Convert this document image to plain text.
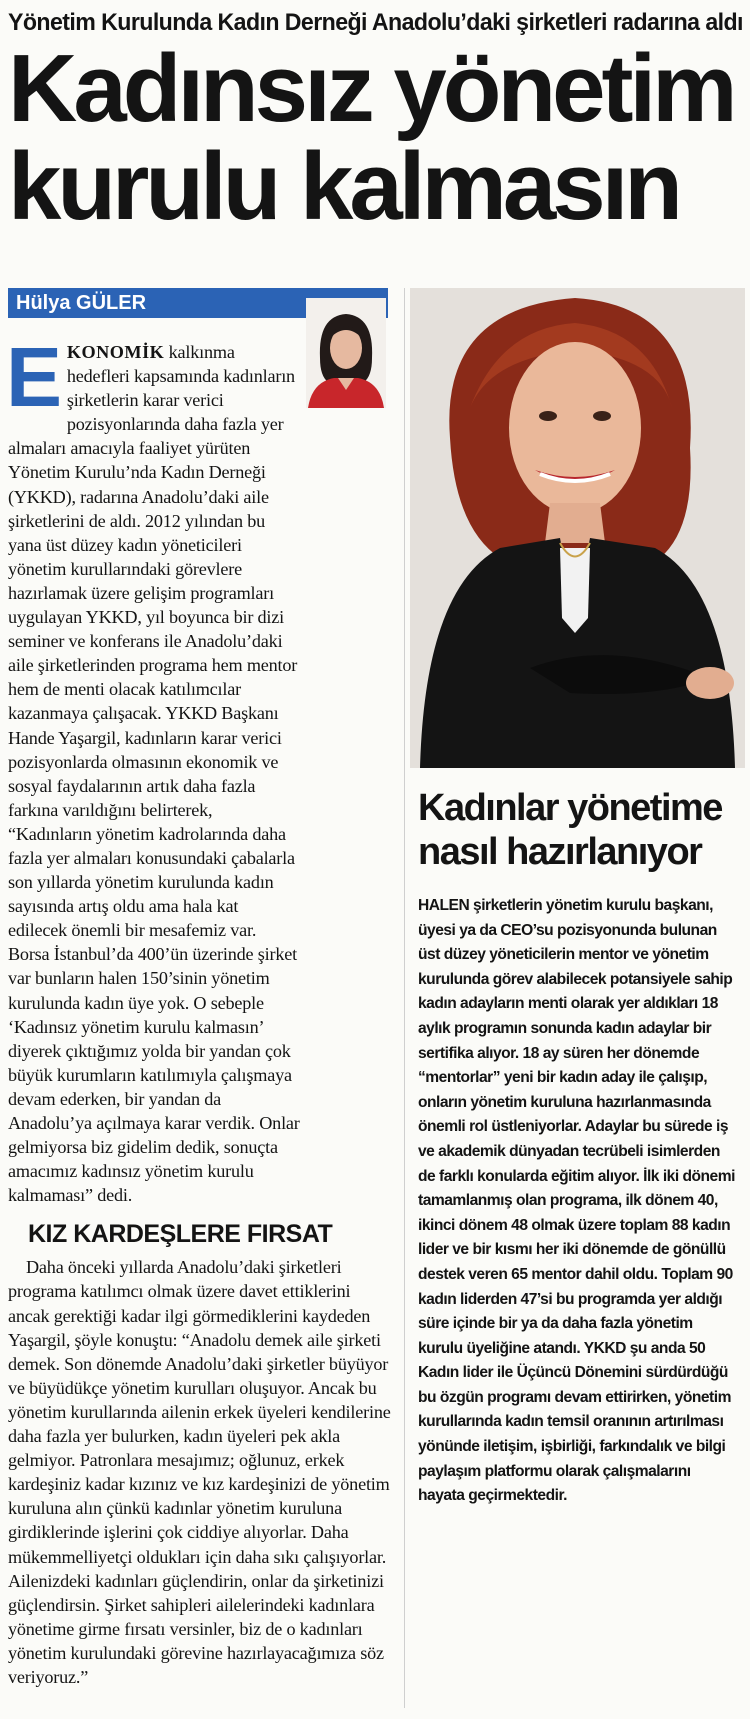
Yönetim Kurulunda Kadın Derneği Anadolu’daki şirketleri radarına aldı
Kadınsız yönetim
kurulu kalmasın
Hülya GÜLER

EKONOMİK kalkınma hedefleri kapsamında kadınların şirketlerin karar verici pozisyonlarında daha fazla yer almaları amacıyla faaliyet yürüten Yönetim Kurulu’nda Kadın Derneği (YKKD), radarına Anadolu’daki aile şirketlerini de aldı. 2012 yılından bu yana üst düzey kadın yöneticileri yönetim kurullarındaki görevlere hazırlamak üzere gelişim programları uygulayan YKKD, yıl boyunca bir dizi seminer ve konferans ile Anadolu’daki aile şirketlerinden programa hem mentor hem de menti olacak katılımcılar kazanmaya çalışacak. YKKD Başkanı Hande Yaşargil, kadınların karar verici pozisyonlarda olmasının ekonomik ve sosyal faydalarının artık daha fazla farkına varıldığını belirterek, “Kadınların yönetim kadrolarında daha fazla yer almaları konusundaki çabalarla son yıllarda yönetim kurulunda kadın sayısında artış oldu ama hala kat edilecek önemli bir mesafemiz var. Borsa İstanbul’da 400’ün üzerinde şirket var bunların halen 150’sinin yönetim kurulunda kadın üye yok. O sebeple ‘Kadınsız yönetim kurulu kalmasın’ diyerek çıktığımız yolda bir yandan çok büyük kurumların katılımıyla çalışmaya devam ederken, bir yandan da Anadolu’ya açılmaya karar verdik. Onlar gelmiyorsa biz gidelim dedik, sonuçta amacımız kadınsız yönetim kurulu kalmaması” dedi.

KIZ KARDEŞLERE FIRSAT

Daha önceki yıllarda Anadolu’daki şirketleri programa katılımcı olmak üzere davet ettiklerini ancak gerektiği kadar ilgi görmediklerini kaydeden Yaşargil, şöyle konuştu: “Anadolu demek aile şirketi demek. Son dönemde Anadolu’daki şirketler büyüyor ve büyüdükçe yönetim kurulları oluşuyor. Ancak bu yönetim kurullarında ailenin erkek üyeleri kendilerine daha fazla yer bulurken, kadın üyeleri pek akla gelmiyor. Patronlara mesajımız; oğlunuz, erkek kardeşiniz kadar kızınız ve kız kardeşinizi de yönetim kuruluna alın çünkü kadınlar yönetim kuruluna girdiklerinde işlerini çok ciddiye alıyorlar. Daha mükemmelliyetçi oldukları için daha sıkı çalışıyorlar. Ailenizdeki kadınları güçlendirin, onlar da şirketinizi güçlendirsin. Şirket sahipleri ailelerindeki kadınlara yönetime girme fırsatı versinler, biz de o kadınları yönetim kurulundaki görevine hazırlayacağımıza söz veriyoruz.”

Kadınlar yönetime
nasıl hazırlanıyor
HALEN şirketlerin yönetim kurulu başkanı, üyesi ya da CEO’su pozisyonunda bulunan üst düzey yöneticilerin mentor ve yönetim kurulunda görev alabilecek potansiyele sahip kadın adayların menti olarak yer aldıkları 18 aylık programın sonunda kadın adaylar bir sertifika alıyor. 18 ay süren her dönemde “mentorlar” yeni bir kadın aday ile çalışıp, onların yönetim kuruluna hazırlanmasında önemli rol üstleniyorlar. Adaylar bu sürede iş ve akademik dünyadan tecrübeli isimlerden de farklı konularda eğitim alıyor. İlk iki dönemi tamamlanmış olan programa, ilk dönem 40, ikinci dönem 48 olmak üzere toplam 88 kadın lider ve bir kısmı her iki dönemde de gönüllü destek veren 65 mentor dahil oldu. Toplam 90 kadın liderden 47’si bu programda yer aldığı süre içinde bir ya da daha fazla yönetim kurulu üyeliğine atandı. YKKD şu anda 50 Kadın lider ile Üçüncü Dönemini sürdürdüğü bu özgün programı devam ettirirken, yönetim kurullarında kadın temsil oranının artırılması yönünde iletişim, işbirliği, farkındalık ve bilgi paylaşım platformu olarak çalışmalarını hayata geçirmektedir.
